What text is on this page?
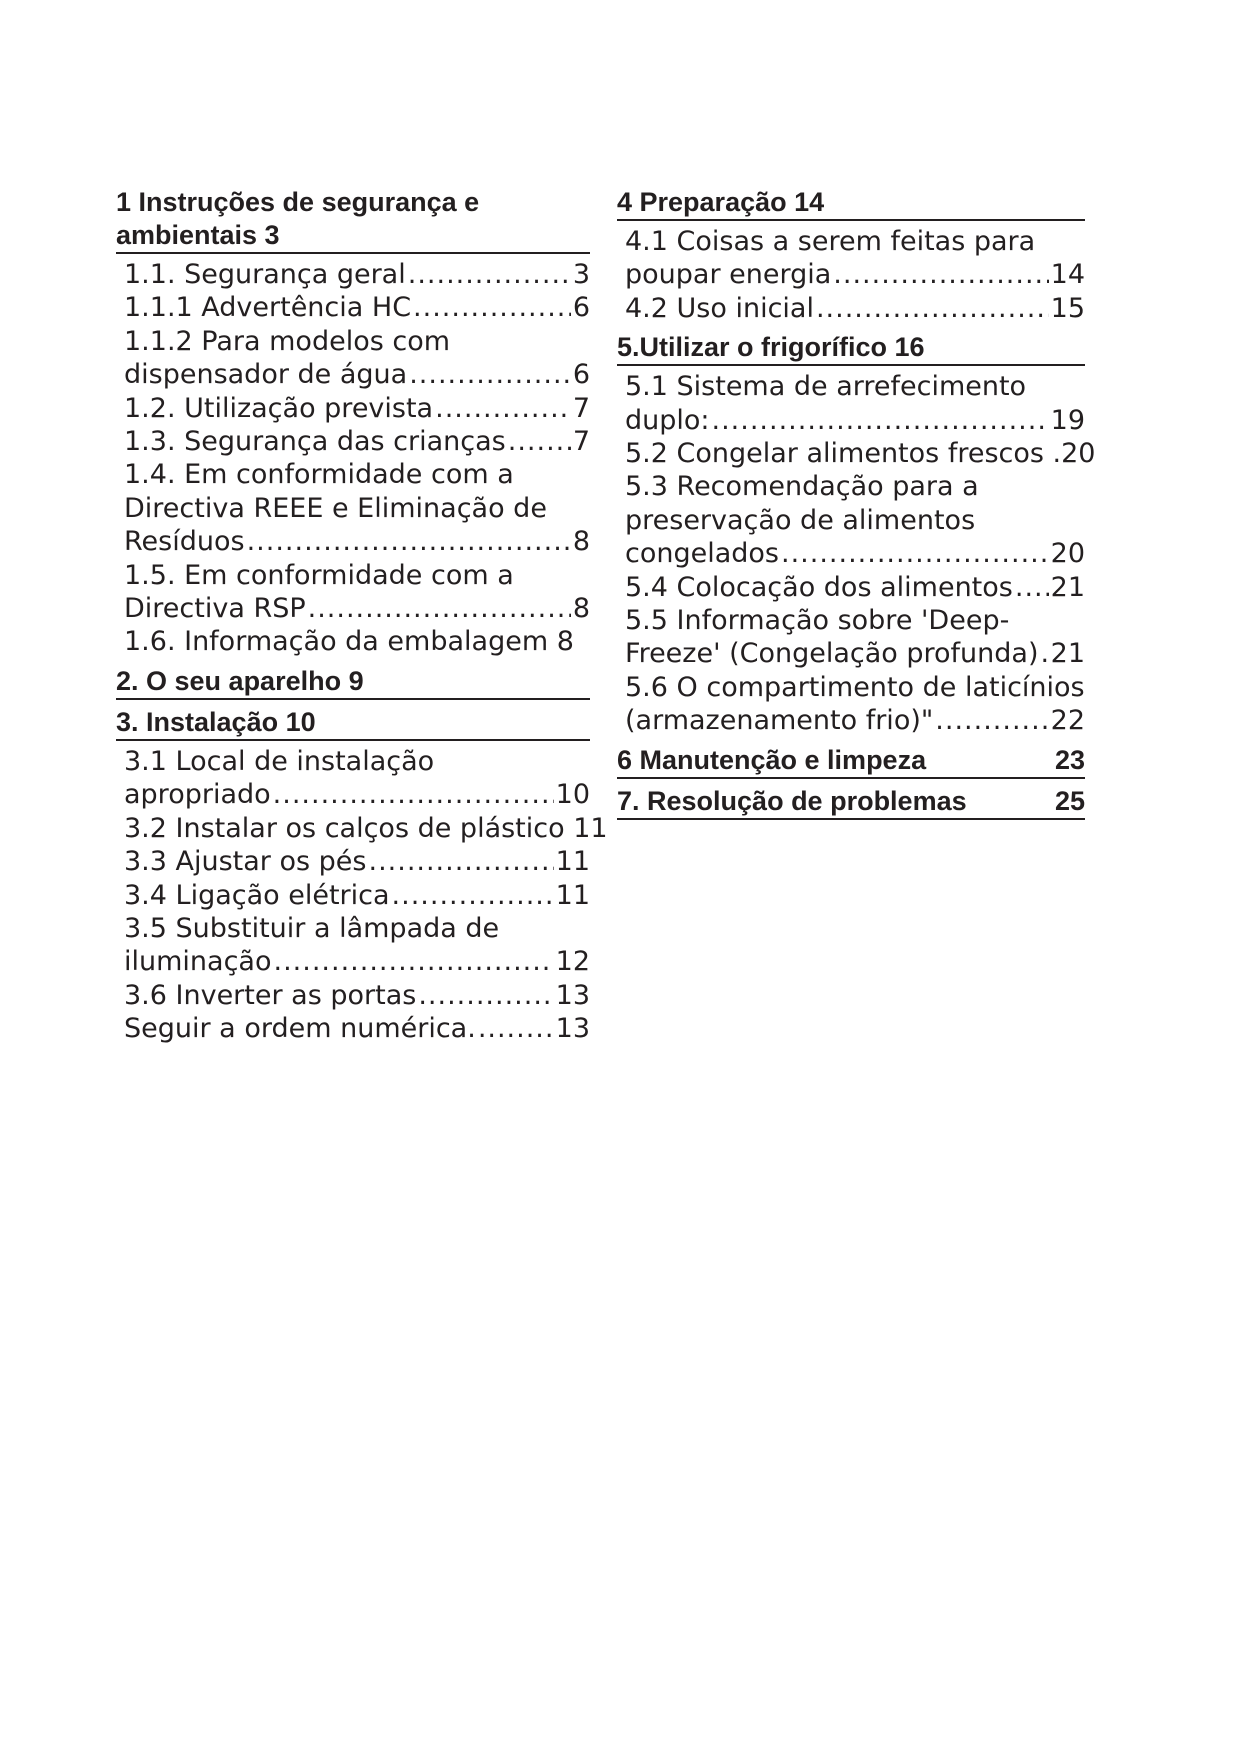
1 Instruções de segurança e
ambientais 3
1.1. Segurança geral .....	3
1.1.1 Advertência HC .....	6
1.1.2 Para modelos com
dispensador de água .....	6
1.2. Utilização prevista .....	7
1.3. Segurança das crianças ..... 7
1.4. Em conformidade com a
Directiva REEE e Eliminação de
Resíduos .....	8
1.5. Em conformidade com a
Directiva RSP .....	8
1.6. Informação da embalagem 8
2. O seu aparelho 9
3. Instalação 10
3.1 Local de instalação
apropriado .....	10
3.2 Instalar os calços de plástico 11
3.3 Ajustar os pés .....	11
3.4 Ligação elétrica .....	11
3.5 Substituir a lâmpada de
iluminação .....	12
3.6 Inverter as portas .....	13
Seguir a ordem numérica. .....	13
4 Preparação 14
4.1 Coisas a serem feitas para
poupar energia .....	14
4.2 Uso inicial .....	15
5.Utilizar o frigorífico 16
5.1 Sistema de arrefecimento
duplo: .....	19
5.2 Congelar alimentos frescos .20
5.3 Recomendação para a
preservação de alimentos
congelados .....	20
5.4 Colocação dos alimentos ..... 21
5.5 Informação sobre 'Deep-
Freeze' (Congelação profunda) ..... 21
5.6 O compartimento de laticínios
(armazenamento frio)" .....	22
6 Manutenção e limpeza	23
7. Resolução de problemas	25
